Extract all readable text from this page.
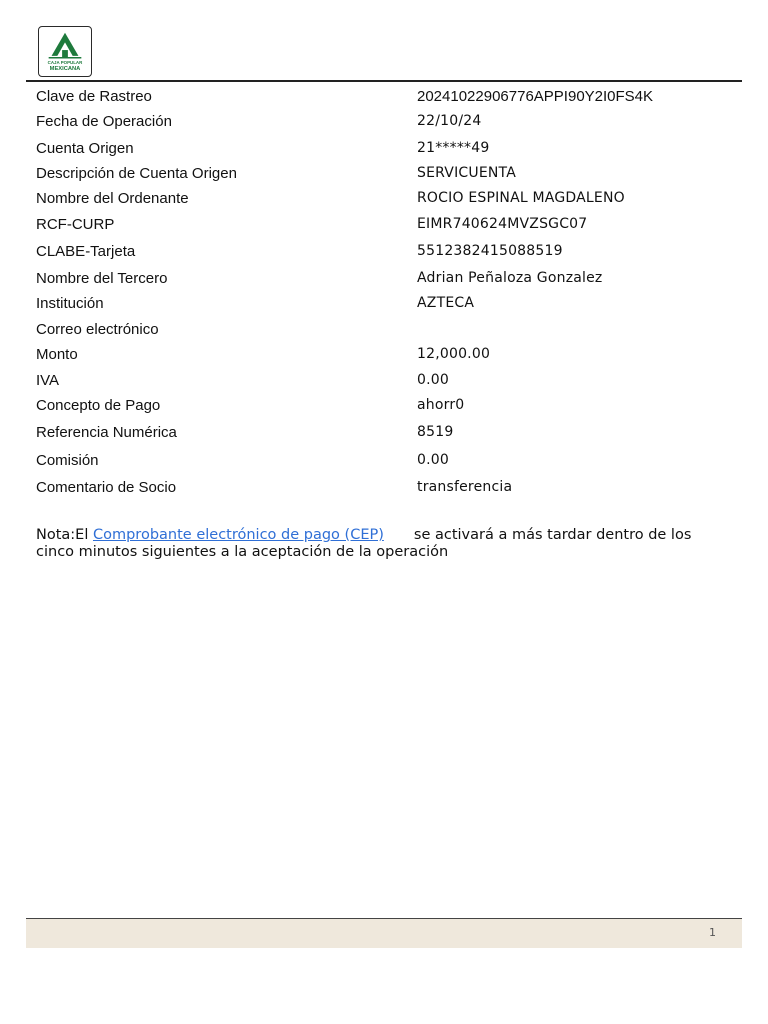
CAJA POPULAR
MEXICANA
Clave de Rastreo	20241022906776APPI90Y2I0FS4K
Fecha de Operación	22/10/24
Cuenta Origen	21*****49
Descripción de Cuenta Origen	SERVICUENTA
Nombre del Ordenante	ROCIO ESPINAL MAGDALENO
RCF-CURP	EIMR740624MVZSGC07
CLABE-Tarjeta	5512382415088519
Nombre del Tercero	Adrian Peñaloza Gonzalez
Institución	AZTECA
Correo electrónico
Monto	12,000.00
IVA	0.00
Concepto de Pago	ahorr0
Referencia Numérica	8519
Comisión	0.00
Comentario de Socio	transferencia
Nota:El Comprobante electrónico de pago (CEP) se activará a más tardar dentro de los cinco minutos siguientes a la aceptación de la operación
1
